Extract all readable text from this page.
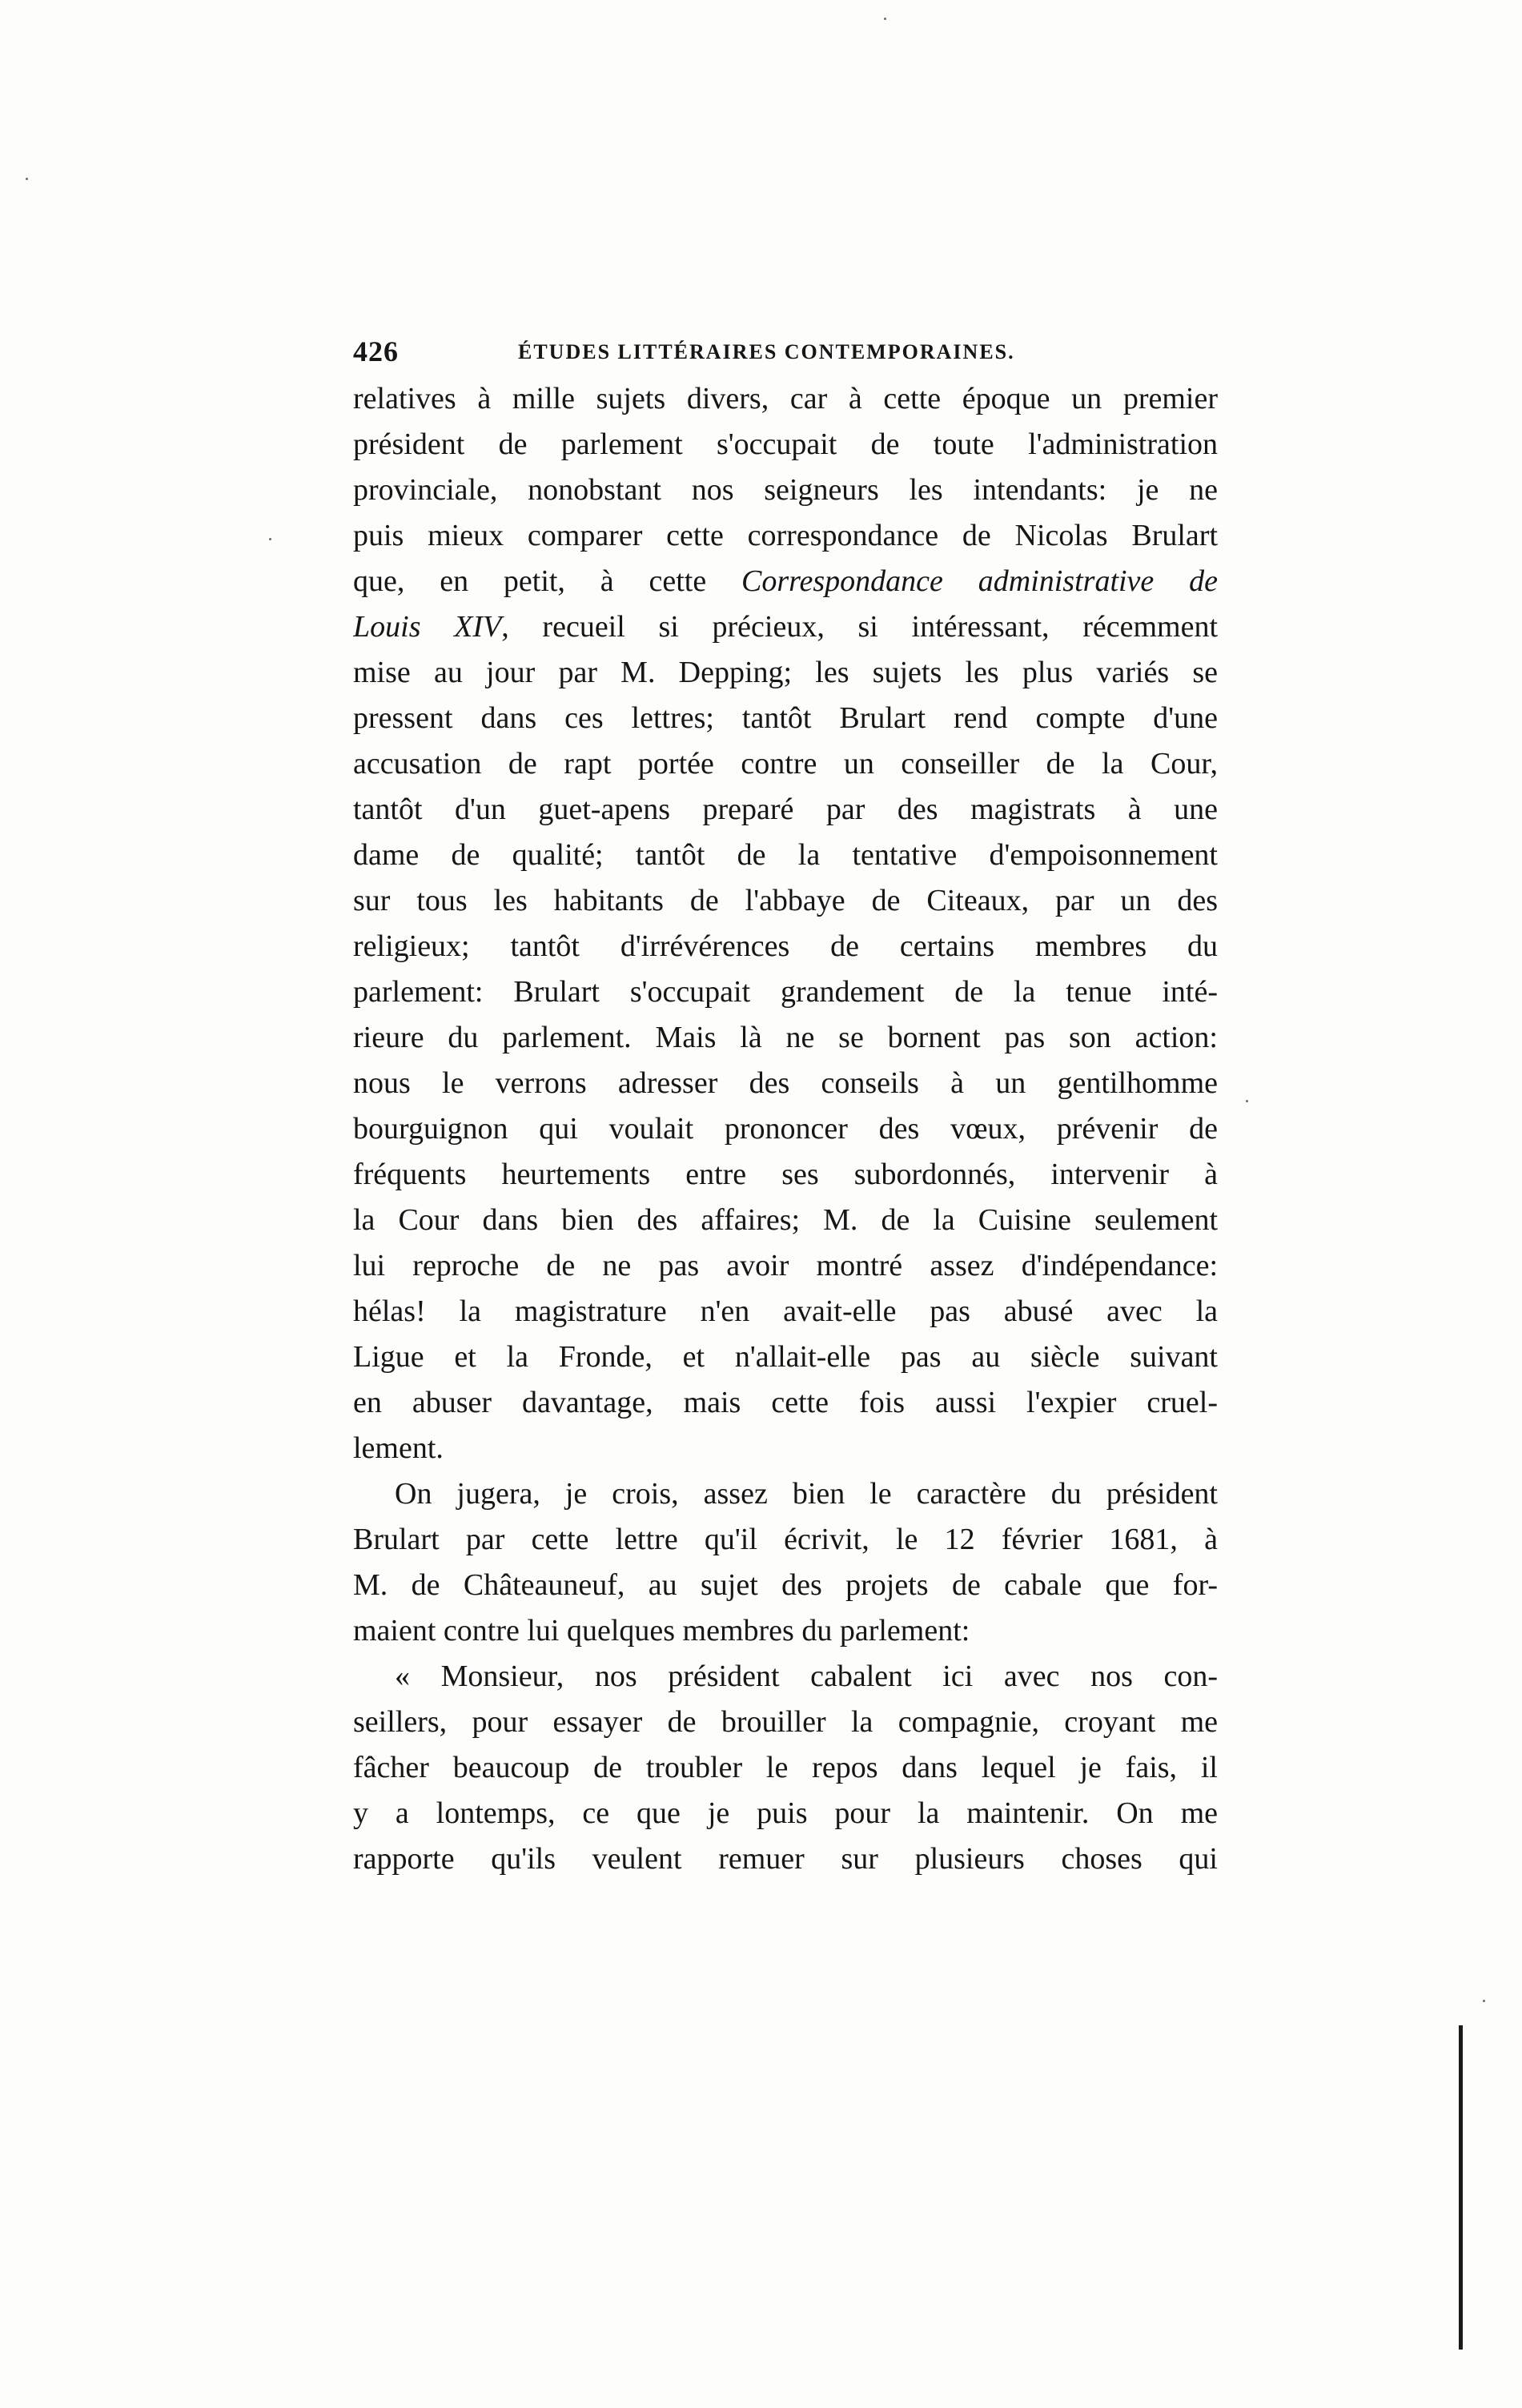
426	ÉTUDES LITTÉRAIRES CONTEMPORAINES.
relatives à mille sujets divers, car à cette époque un premier
président de parlement s'occupait de toute l'administration
provinciale, nonobstant nos seigneurs les intendants: je ne
puis mieux comparer cette correspondance de Nicolas Brulart
que, en petit, à cette Correspondance administrative de
Louis XIV, recueil si précieux, si intéressant, récemment
mise au jour par M. Depping; les sujets les plus variés se
pressent dans ces lettres; tantôt Brulart rend compte d'une
accusation de rapt portée contre un conseiller de la Cour,
tantôt d'un guet-apens preparé par des magistrats à une
dame de qualité; tantôt de la tentative d'empoisonnement
sur tous les habitants de l'abbaye de Citeaux, par un des
religieux; tantôt d'irrévérences de certains membres du
parlement: Brulart s'occupait grandement de la tenue inté-
rieure du parlement. Mais là ne se bornent pas son action:
nous le verrons adresser des conseils à un gentilhomme
bourguignon qui voulait prononcer des vœux, prévenir de
fréquents heurtements entre ses subordonnés, intervenir à
la Cour dans bien des affaires; M. de la Cuisine seulement
lui reproche de ne pas avoir montré assez d'indépendance:
hélas! la magistrature n'en avait-elle pas abusé avec la
Ligue et la Fronde, et n'allait-elle pas au siècle suivant
en abuser davantage, mais cette fois aussi l'expier cruel-
lement.
On jugera, je crois, assez bien le caractère du président
Brulart par cette lettre qu'il écrivit, le 12 février 1681, à
M. de Châteauneuf, au sujet des projets de cabale que for-
maient contre lui quelques membres du parlement:
« Monsieur, nos président cabalent ici avec nos con-
seillers, pour essayer de brouiller la compagnie, croyant me
fâcher beaucoup de troubler le repos dans lequel je fais, il
y a lontemps, ce que je puis pour la maintenir. On me
rapporte qu'ils veulent remuer sur plusieurs choses qui
